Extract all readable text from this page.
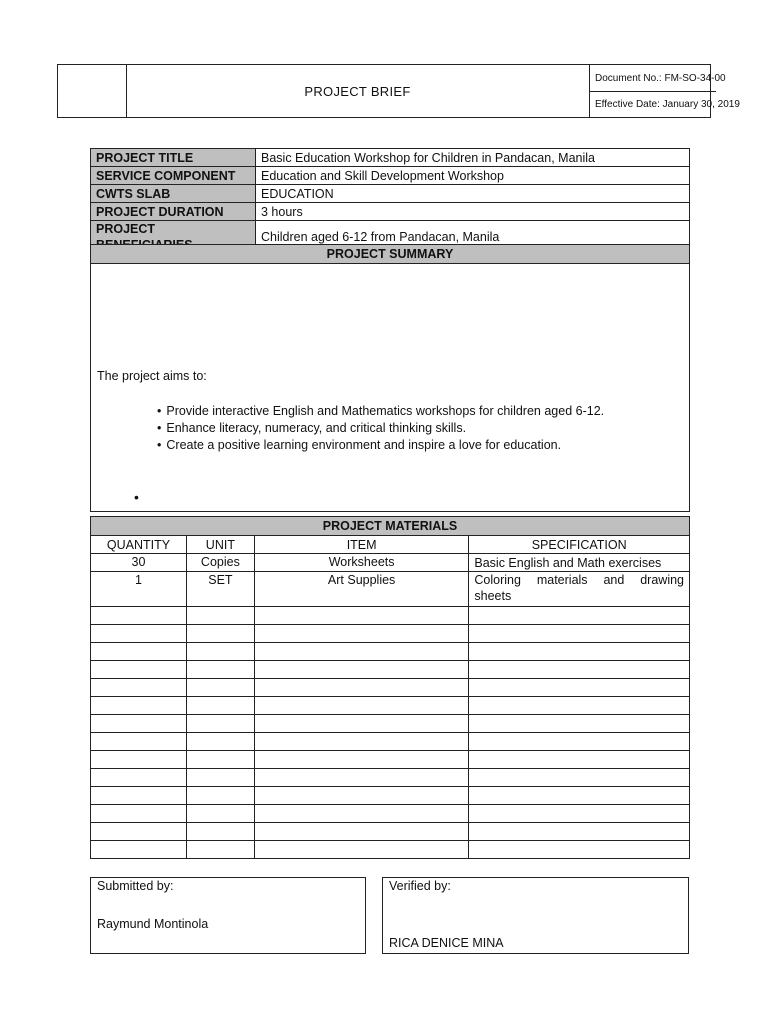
PROJECT BRIEF
Document No.: FM-SO-34-00
Effective Date: January 30, 2019
PROJECT TITLE	Basic Education Workshop for Children in Pandacan, Manila
SERVICE COMPONENT	Education and Skill Development Workshop
CWTS SLAB	EDUCATION
PROJECT DURATION	3 hours
PROJECT	Children aged 6-12 from Pandacan, Manila
PROJECT SUMMARY
The project aims to:
• Provide interactive English and Mathematics workshops for children aged 6-12.
• Enhance literacy, numeracy, and critical thinking skills.
• Create a positive learning environment and inspire a love for education.
•
PROJECT MATERIALS			
QUANTITY	UNIT	ITEM	SPECIFICATION
30	Copies	Worksheets	Basic English and Math exercises
1	SET	Art Supplies	Coloring materials and drawing sheets

Submitted by:
Raymund Montinola
Verified by:
RICA DENICE MINA
